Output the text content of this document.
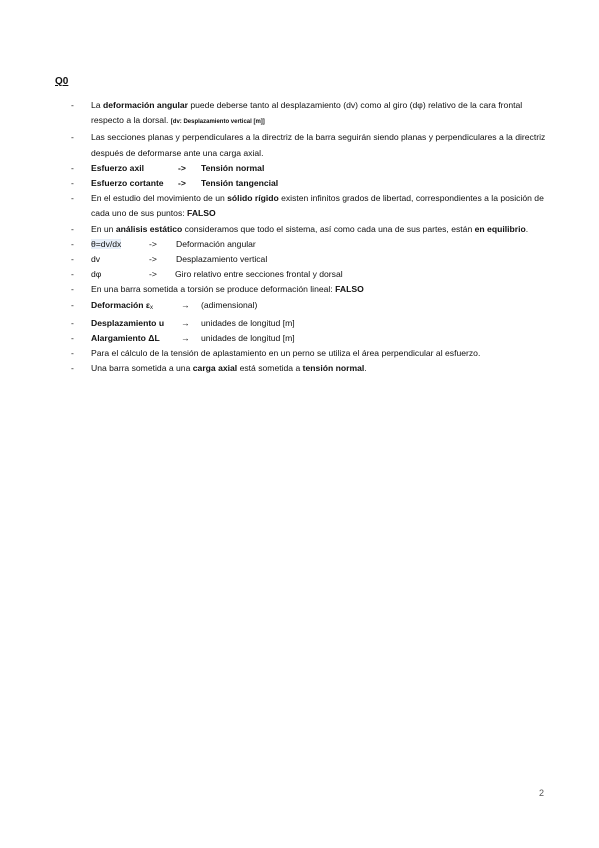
Q0
-	La deformación angular puede deberse tanto al desplazamiento (dv) como al giro (dφ) relativo de la cara frontal respecto a la dorsal. [dv: Desplazamiento vertical [m]]
-	Las secciones planas y perpendiculares a la directriz de la barra seguirán siendo planas y perpendiculares a la directriz después de deformarse ante una carga axial.
-	Esfuerzo axil	-> Tensión normal
-	Esfuerzo cortante -> Tensión tangencial
-	En el estudio del movimiento de un sólido rígido existen infinitos grados de libertad, correspondientes a la posición de cada uno de sus puntos: FALSO
-	En un análisis estático consideramos que todo el sistema, así como cada una de sus partes, están en equilibrio.
-	θ=dv/dx	-> Deformación angular
-	dv	-> Desplazamiento vertical
-	dφ	-> Giro relativo entre secciones frontal y dorsal
-	En una barra sometida a torsión se produce deformación lineal: FALSO
-	Deformación εx	→ (adimensional)
-	Desplazamiento u → unidades de longitud [m]
-	Alargamiento ΔL → unidades de longitud [m]
-	Para el cálculo de la tensión de aplastamiento en un perno se utiliza el área perpendicular al esfuerzo.
-	Una barra sometida a una carga axial está sometida a tensión normal.
2
